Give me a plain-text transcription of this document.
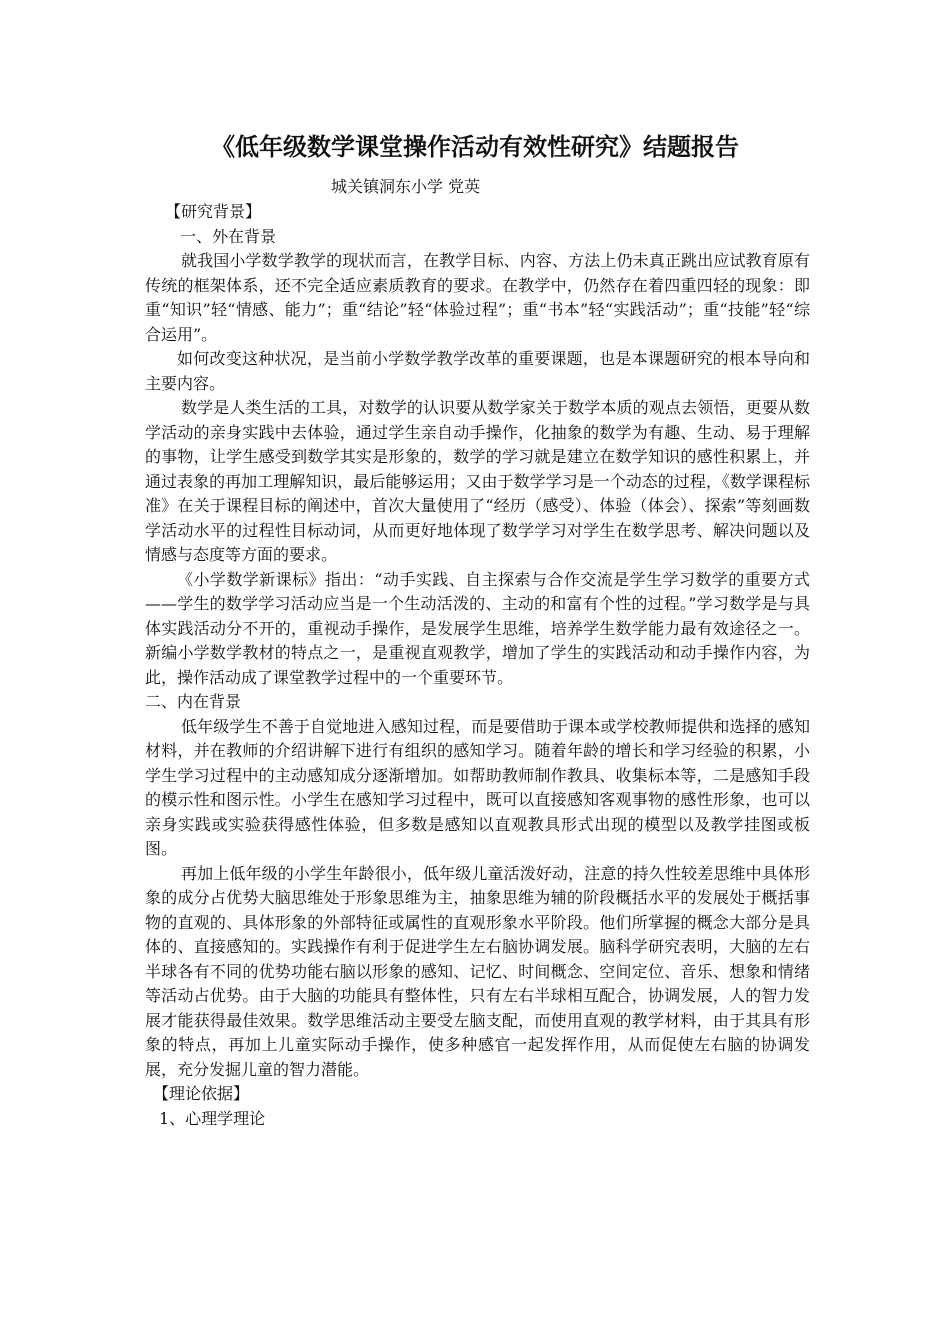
《低年级数学课堂操作活动有效性研究》结题报告
城关镇洞东小学 党英

【研究背景】

一、外在背景

就我国小学数学教学的现状而言，在教学目标、内容、方法上仍未真正跳出应试教育原有传统的框架体系，还不完全适应素质教育的要求。在教学中，仍然存在着四重四轻的现象：即重“知识”轻“情感、能力”；重“结论”轻“体验过程”；重“书本”轻“实践活动”；重“技能”轻“综合运用”。

如何改变这种状况，是当前小学数学教学改革的重要课题，也是本课题研究的根本导向和主要内容。

数学是人类生活的工具，对数学的认识要从数学家关于数学本质的观点去领悟，更要从数学活动的亲身实践中去体验，通过学生亲自动手操作，化抽象的数学为有趣、生动、易于理解的事物，让学生感受到数学其实是形象的，数学的学习就是建立在数学知识的感性积累上，并通过表象的再加工理解知识，最后能够运用；又由于数学学习是一个动态的过程，《数学课程标准》在关于课程目标的阐述中，首次大量使用了“经历（感受）、体验（体会）、探索”等刻画数学活动水平的过程性目标动词，从而更好地体现了数学学习对学生在数学思考、解决问题以及情感与态度等方面的要求。

《小学数学新课标》指出：“动手实践、自主探索与合作交流是学生学习数学的重要方式——学生的数学学习活动应当是一个生动活泼的、主动的和富有个性的过程。”学习数学是与具体实践活动分不开的，重视动手操作，是发展学生思维，培养学生数学能力最有效途径之一。新编小学数学教材的特点之一，是重视直观教学，增加了学生的实践活动和动手操作内容，为此，操作活动成了课堂教学过程中的一个重要环节。

二、内在背景

低年级学生不善于自觉地进入感知过程，而是要借助于课本或学校教师提供和选择的感知材料，并在教师的介绍讲解下进行有组织的感知学习。随着年龄的增长和学习经验的积累，小学生学习过程中的主动感知成分逐渐增加。如帮助教师制作教具、收集标本等，二是感知手段的模示性和图示性。小学生在感知学习过程中，既可以直接感知客观事物的感性形象，也可以亲身实践或实验获得感性体验，但多数是感知以直观教具形式出现的模型以及教学挂图或板图。

再加上低年级的小学生年龄很小，低年级儿童活泼好动，注意的持久性较差思维中具体形象的成分占优势大脑思维处于形象思维为主，抽象思维为辅的阶段概括水平的发展处于概括事物的直观的、具体形象的外部特征或属性的直观形象水平阶段。他们所掌握的概念大部分是具体的、直接感知的。实践操作有利于促进学生左右脑协调发展。脑科学研究表明，大脑的左右半球各有不同的优势功能右脑以形象的感知、记忆、时间概念、空间定位、音乐、想象和情绪等活动占优势。由于大脑的功能具有整体性，只有左右半球相互配合，协调发展，人的智力发展才能获得最佳效果。数学思维活动主要受左脑支配，而使用直观的教学材料，由于其具有形象的特点，再加上儿童实际动手操作，使多种感官一起发挥作用，从而促使左右脑的协调发展，充分发掘儿童的智力潜能。

【理论依据】

1、心理学理论
